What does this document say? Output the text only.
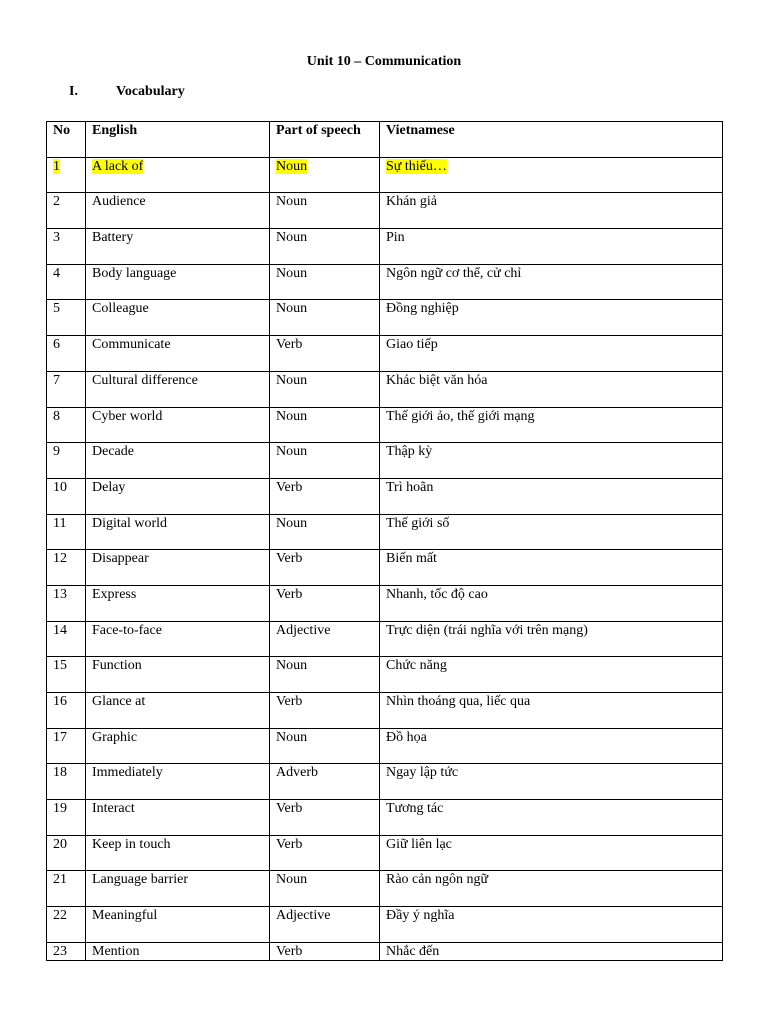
Unit 10 – Communication
I.	Vocabulary
No	English	Part of speech	Vietnamese
1	A lack of	Noun	Sự thiếu…
2	Audience	Noun	Khán giả
3	Battery	Noun	Pin
4	Body language	Noun	Ngôn ngữ cơ thể, cử chỉ
5	Colleague	Noun	Đồng nghiệp
6	Communicate	Verb	Giao tiếp
7	Cultural difference	Noun	Khác biệt văn hóa
8	Cyber world	Noun	Thế giới ảo, thế giới mạng
9	Decade	Noun	Thập kỳ
10	Delay	Verb	Trì hoãn
11	Digital world	Noun	Thế giới số
12	Disappear	Verb	Biến mất
13	Express	Verb	Nhanh, tốc độ cao
14	Face-to-face	Adjective	Trực diện (trái nghĩa với trên mạng)
15	Function	Noun	Chức năng
16	Glance at	Verb	Nhìn thoáng qua, liếc qua
17	Graphic	Noun	Đồ họa
18	Immediately	Adverb	Ngay lập tức
19	Interact	Verb	Tương tác
20	Keep in touch	Verb	Giữ liên lạc
21	Language barrier	Noun	Rào cản ngôn ngữ
22	Meaningful	Adjective	Đầy ý nghĩa
23	Mention	Verb	Nhắc đến
